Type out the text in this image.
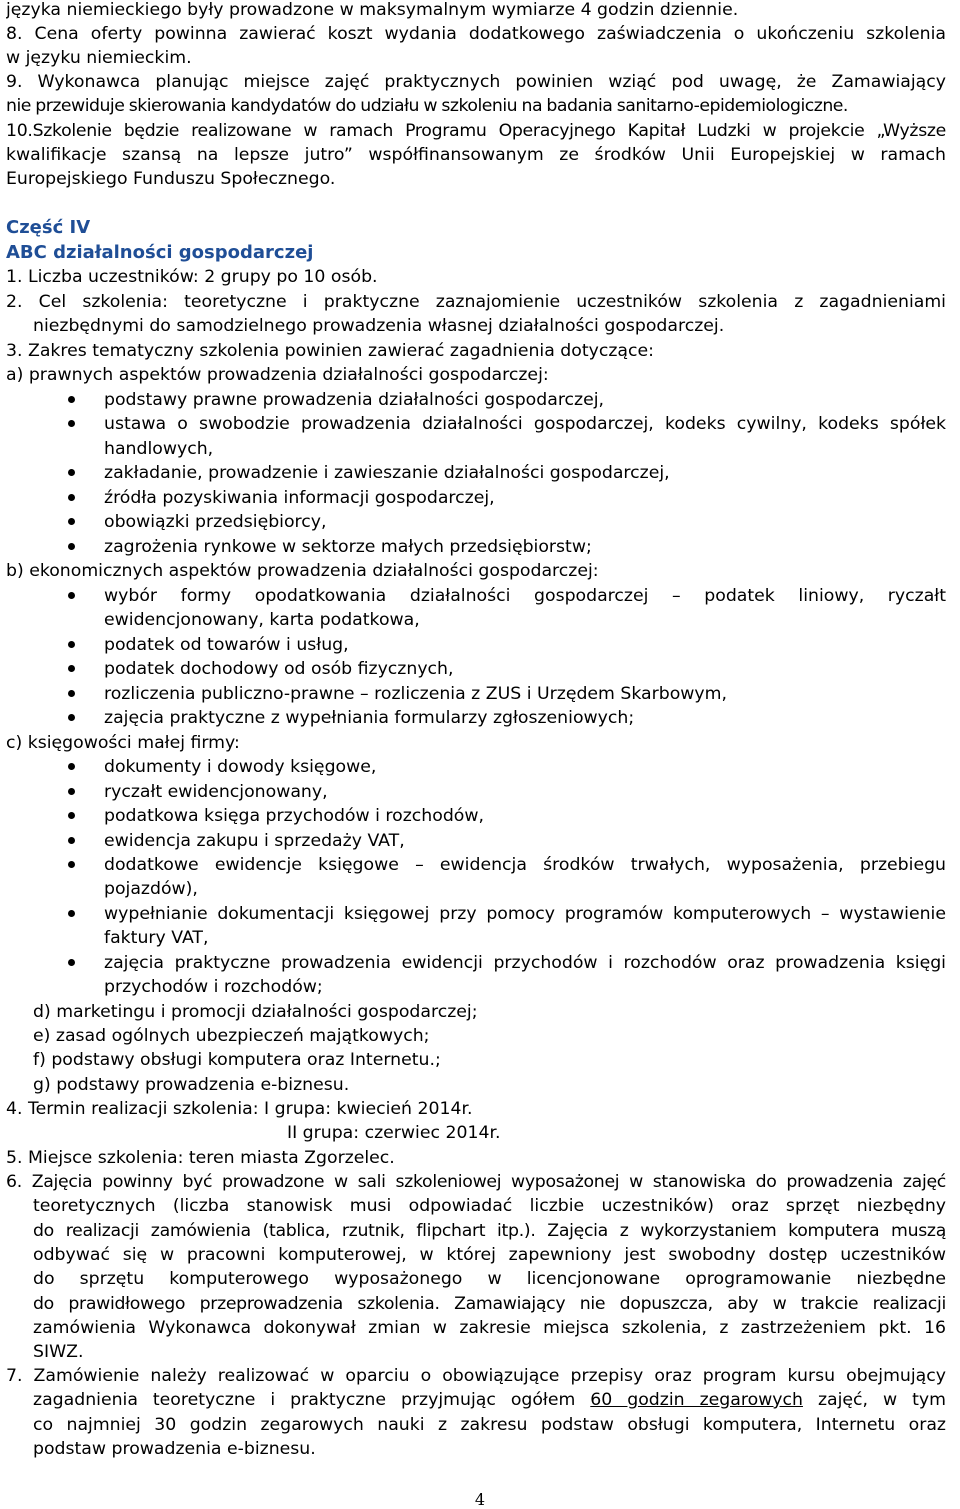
języka niemieckiego były prowadzone w maksymalnym wymiarze 4 godzin dziennie.
8. Cena oferty powinna zawierać koszt wydania dodatkowego zaświadczenia o ukończeniu szkolenia
w języku niemieckim.
9. Wykonawca planując miejsce zajęć praktycznych powinien wziąć pod uwagę, że Zamawiający
nie przewiduje skierowania kandydatów do udziału w szkoleniu na badania sanitarno-epidemiologiczne.
10.Szkolenie będzie realizowane w ramach Programu Operacyjnego Kapitał Ludzki w projekcie „Wyższe
kwalifikacje szansą na lepsze jutro” współfinansowanym ze środków Unii Europejskiej w ramach
Europejskiego Funduszu Społecznego.
Część IV
ABC działalności gospodarczej
1. Liczba uczestników: 2 grupy po 10 osób.
2. Cel szkolenia: teoretyczne i praktyczne zaznajomienie uczestników szkolenia z zagadnieniami
niezbędnymi do samodzielnego prowadzenia własnej działalności gospodarczej.
3. Zakres tematyczny szkolenia powinien zawierać zagadnienia dotyczące:
a) prawnych aspektów prowadzenia działalności gospodarczej:
podstawy prawne prowadzenia działalności gospodarczej,
ustawa o swobodzie prowadzenia działalności gospodarczej, kodeks cywilny, kodeks spółek
handlowych,
zakładanie, prowadzenie i zawieszanie działalności gospodarczej,
źródła pozyskiwania informacji gospodarczej,
obowiązki przedsiębiorcy,
zagrożenia rynkowe w sektorze małych przedsiębiorstw;
b) ekonomicznych aspektów prowadzenia działalności gospodarczej:
wybór formy opodatkowania działalności gospodarczej – podatek liniowy, ryczałt
ewidencjonowany, karta podatkowa,
podatek od towarów i usług,
podatek dochodowy od osób fizycznych,
rozliczenia publiczno-prawne – rozliczenia z ZUS i Urzędem Skarbowym,
zajęcia praktyczne z wypełniania formularzy zgłoszeniowych;
c) księgowości małej firmy:
dokumenty i dowody księgowe,
ryczałt ewidencjonowany,
podatkowa księga przychodów i rozchodów,
ewidencja zakupu i sprzedaży VAT,
dodatkowe ewidencje księgowe – ewidencja środków trwałych, wyposażenia, przebiegu
pojazdów),
wypełnianie dokumentacji księgowej przy pomocy programów komputerowych – wystawienie
faktury VAT,
zajęcia praktyczne prowadzenia ewidencji przychodów i rozchodów oraz prowadzenia księgi
przychodów i rozchodów;
d) marketingu i promocji działalności gospodarczej;
e) zasad ogólnych ubezpieczeń majątkowych;
f) podstawy obsługi komputera oraz Internetu.;
g) podstawy prowadzenia e-biznesu.
4. Termin realizacji szkolenia: I grupa: kwiecień 2014r.
II grupa: czerwiec 2014r.
5. Miejsce szkolenia: teren miasta Zgorzelec.
6. Zajęcia powinny być prowadzone w sali szkoleniowej wyposażonej w stanowiska do prowadzenia zajęć
teoretycznych (liczba stanowisk musi odpowiadać liczbie uczestników) oraz sprzęt niezbędny
do realizacji zamówienia (tablica, rzutnik, flipchart itp.). Zajęcia z wykorzystaniem komputera muszą
odbywać się w pracowni komputerowej, w której zapewniony jest swobodny dostęp uczestników
do sprzętu komputerowego wyposażonego w licencjonowane oprogramowanie niezbędne
do prawidłowego przeprowadzenia szkolenia. Zamawiający nie dopuszcza, aby w trakcie realizacji
zamówienia Wykonawca dokonywał zmian w zakresie miejsca szkolenia, z zastrzeżeniem pkt. 16
SIWZ.
7. Zamówienie należy realizować w oparciu o obowiązujące przepisy oraz program kursu obejmujący
zagadnienia teoretyczne i praktyczne przyjmując ogółem 60 godzin zegarowych zajęć, w tym
co najmniej 30 godzin zegarowych nauki z zakresu podstaw obsługi komputera, Internetu oraz
podstaw prowadzenia e-biznesu.
4
